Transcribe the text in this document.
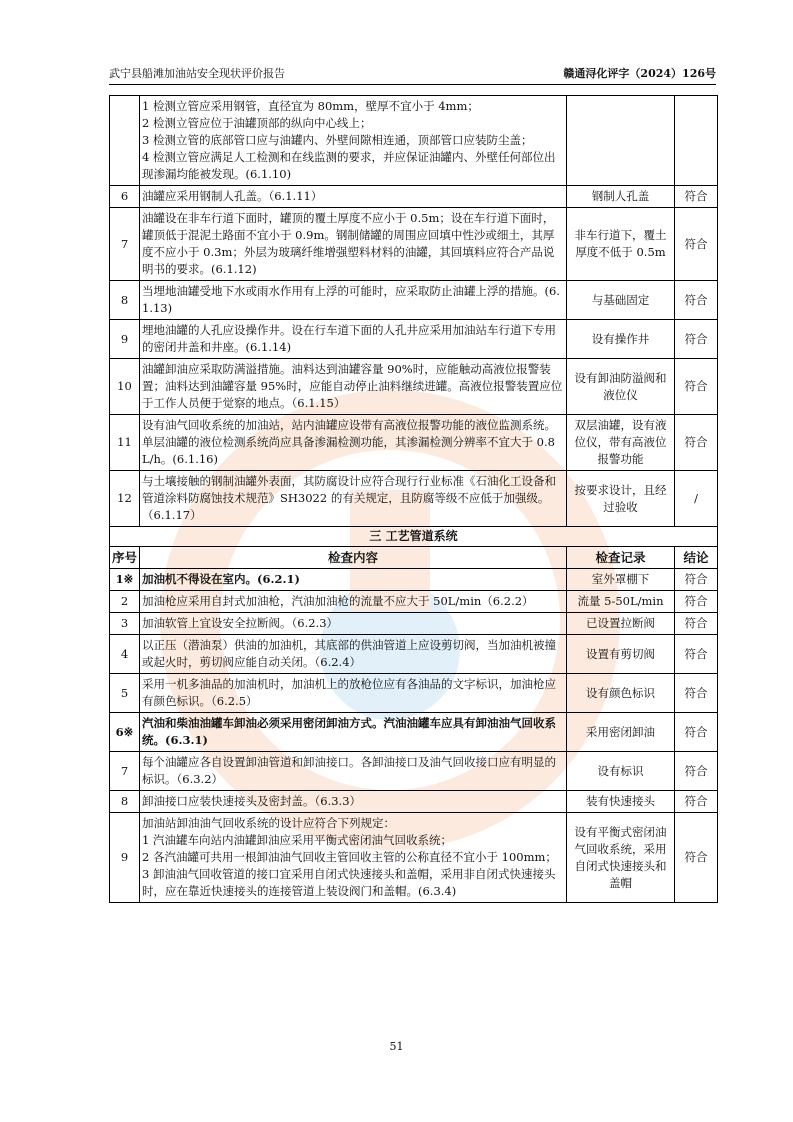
武宁县船滩加油站安全现状评价报告	赣通浔化评字（2024）126号

	1 检测立管应采用钢管，直径宜为 80mm，壁厚不宜小于 4mm；
2 检测立管应位于油罐顶部的纵向中心线上；
3 检测立管的底部管口应与油罐内、外壁间隙相连通，顶部管口应装防尘盖；
4 检测立管应满足人工检测和在线监测的要求，并应保证油罐内、外壁任何部位出现渗漏均能被发现。(6.1.10)		

6	油罐应采用钢制人孔盖。（6.1.11）	钢制人孔盖	符合
7	油罐设在非车行道下面时，罐顶的覆土厚度不应小于 0.5m；设在车行道下面时，罐顶低于混泥土路面不宜小于 0.9m。钢制储罐的周围应回填中性沙或细土，其厚度不应小于 0.3m；外层为玻璃纤维增强塑料材料的油罐，其回填料应符合产品说明书的要求。(6.1.12)	非车行道下，覆土厚度不低于 0.5m	符合
8	当埋地油罐受地下水或雨水作用有上浮的可能时，应采取防止油罐上浮的措施。(6.1.13)	与基础固定	符合
9	埋地油罐的人孔应设操作井。设在行车道下面的人孔井应采用加油站车行道下专用的密闭井盖和井座。(6.1.14)	设有操作井	符合
10	油罐卸油应采取防满溢措施。油料达到油罐容量 90%时，应能触动高液位报警装置；油料达到油罐容量 95%时，应能自动停止油料继续进罐。高液位报警装置应位于工作人员便于觉察的地点。（6.1.15）	设有卸油防溢阀和液位仪	符合
11	设有油气回收系统的加油站，站内油罐应设带有高液位报警功能的液位监测系统。单层油罐的液位检测系统尚应具备渗漏检测功能，其渗漏检测分辨率不宜大于 0.8L/h。(6.1.16)	双层油罐，设有液位仪，带有高液位报警功能	符合
12	与土壤接触的钢制油罐外表面，其防腐设计应符合现行行业标准《石油化工设备和管道涂料防腐蚀技术规范》SH3022 的有关规定，且防腐等级不应低于加强级。（6.1.17）	按要求设计，且经过验收	/
三 工艺管道系统			
序号	检查内容	检查记录	结论
1※	加油机不得设在室内。(6.2.1)	室外罩棚下	符合
2	加油枪应采用自封式加油枪，汽油加油枪的流量不应大于 50L/min（6.2.2）	流量 5-50L/min	符合
3	加油软管上宜设安全拉断阀。（6.2.3）	已设置拉断阀	符合
4	以正压（潜油泵）供油的加油机，其底部的供油管道上应设剪切阀，当加油机被撞或起火时，剪切阀应能自动关闭。（6.2.4）	设置有剪切阀	符合
5	采用一机多油品的加油机时，加油机上的放枪位应有各油品的文字标识，加油枪应有颜色标识。（6.2.5）	设有颜色标识	符合
6※	汽油和柴油油罐车卸油必须采用密闭卸油方式。汽油油罐车应具有卸油油气回收系统。(6.3.1)	采用密闭卸油	符合
7	每个油罐应各自设置卸油管道和卸油接口。各卸油接口及油气回收接口应有明显的标识。（6.3.2）	设有标识	符合
8	卸油接口应装快速接头及密封盖。（6.3.3）	装有快速接头	符合
9	加油站卸油油气回收系统的设计应符合下列规定：
1 汽油罐车向站内油罐卸油应采用平衡式密闭油气回收系统；
2 各汽油罐可共用一根卸油油气回收主管回收主管的公称直径不宜小于 100mm；
3 卸油油气回收管道的接口宜采用自闭式快速接头和盖帽，采用非自闭式快速接头时，应在靠近快速接头的连接管道上装设阀门和盖帽。(6.3.4)	设有平衡式密闭油气回收系统，采用自闭式快速接头和盖帽	符合
51
